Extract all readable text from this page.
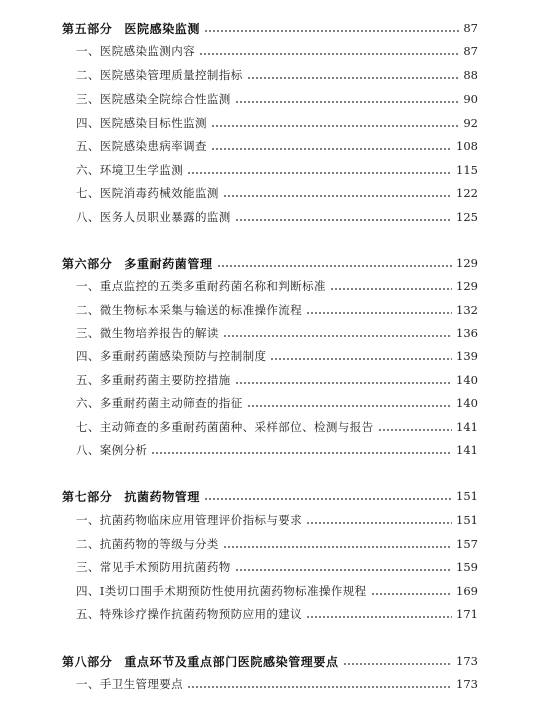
第五部分 医院感染监测	87
一、医院感染监测内容	87
二、医院感染管理质量控制指标	88
三、医院感染全院综合性监测	90
四、医院感染目标性监测	92
五、医院感染患病率调查	108
六、环境卫生学监测	115
七、医院消毒药械效能监测	122
八、医务人员职业暴露的监测	125
第六部分 多重耐药菌管理	129
一、重点监控的五类多重耐药菌名称和判断标准	129
二、微生物标本采集与输送的标准操作流程	132
三、微生物培养报告的解读	136
四、多重耐药菌感染预防与控制制度	139
五、多重耐药菌主要防控措施	140
六、多重耐药菌主动筛查的指征	140
七、主动筛查的多重耐药菌菌种、采样部位、检测与报告	141
八、案例分析	141
第七部分 抗菌药物管理	151
一、抗菌药物临床应用管理评价指标与要求	151
二、抗菌药物的等级与分类	157
三、常见手术预防用抗菌药物	159
四、Ⅰ类切口围手术期预防性使用抗菌药物标准操作规程	169
五、特殊诊疗操作抗菌药物预防应用的建议	171
第八部分 重点环节及重点部门医院感染管理要点	173
一、手卫生管理要点	173
